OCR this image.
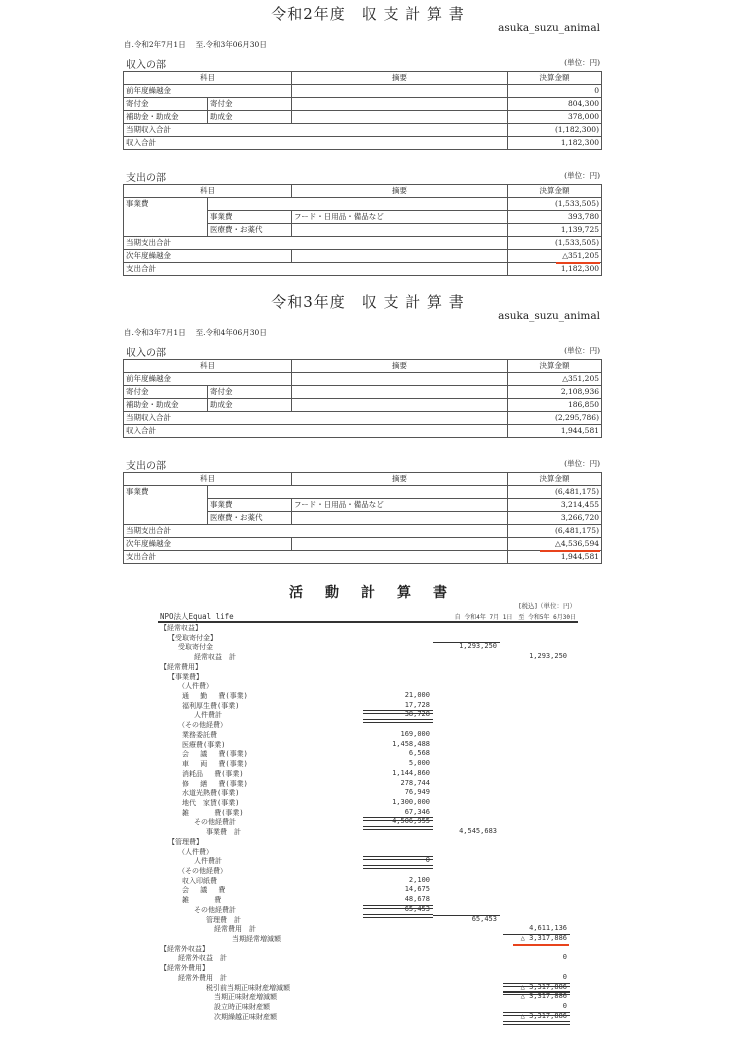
令和2年度　収 支 計 算 書
asuka_suzu_animal
自.令和2年7月1日　 至.令和3年06月30日
収入の部	(単位：円)
科目		摘要	決算金額
前年度繰越金			0
寄付金	寄付金		804,300
補助金・助成金	助成金		378,000
当期収入合計			(1,182,300)
収入合計			1,182,300
支出の部	(単位：円)
科目		摘要	決算金額
事業費			(1,533,505)
	事業費	フード・日用品・備品など	393,780
	医療費・お薬代		1,139,725
当期支出合計			(1,533,505)
次年度繰越金			△351,205

支出合計			1,182,300
令和3年度　収 支 計 算 書
asuka_suzu_animal
自.令和3年7月1日　 至.令和4年06月30日
収入の部	(単位：円)
科目		摘要	決算金額
前年度繰越金			△351,205
寄付金	寄付金		2,108,936
補助金・助成金	助成金		186,850
当期収入合計			(2,295,786)
収入合計			1,944,581
支出の部	(単位：円)
科目		摘要	決算金額
事業費			(6,481,175)
	事業費	フード・日用品・備品など	3,214,455
	医療費・お薬代		3,266,720
当期支出合計			(6,481,175)
次年度繰越金			△4,536,594

支出合計			1,944,581
活動計算書
[税込]（単位：円）
NPO法人Equal life	自 令和4年 7月 1日　至 令和5年 6月30日
【経常収益】
【受取寄付金】
受取寄付金	1,293,250
経常収益　計	1,293,250
【経常費用】
【事業費】
（人件費）
通　 勤　 費(事業)	21,000
福利厚生費(事業)	17,728
人件費計	38,728
（その他経費）
業務委託費	169,000
医療費(事業)	1,458,488
会　 議　 費(事業)	6,568
車　 両　 費(事業)	5,000
消耗品　 費(事業)	1,144,860
修　 繕　 費(事業)	278,744
水道光熱費(事業)	76,949
地代　家賃(事業)	1,300,000
雑　　　 費(事業)	67,346
その他経費計	4,506,955
事業費　計	4,545,683
【管理費】
（人件費）
人件費計	0
（その他経費）
収入印紙費	2,100
会　 議　 費	14,675
雑　　　 費	48,678
その他経費計	65,453
管理費　計	65,453
経常費用　計	4,611,136
当期経常増減額	△ 3,317,886
【経常外収益】
経常外収益　計	0
【経常外費用】
経常外費用　計	0
税引前当期正味財産増減額	△ 3,317,886
当期正味財産増減額	△ 3,317,886
設立時正味財産額	0
次期繰越正味財産額	△ 3,317,886
